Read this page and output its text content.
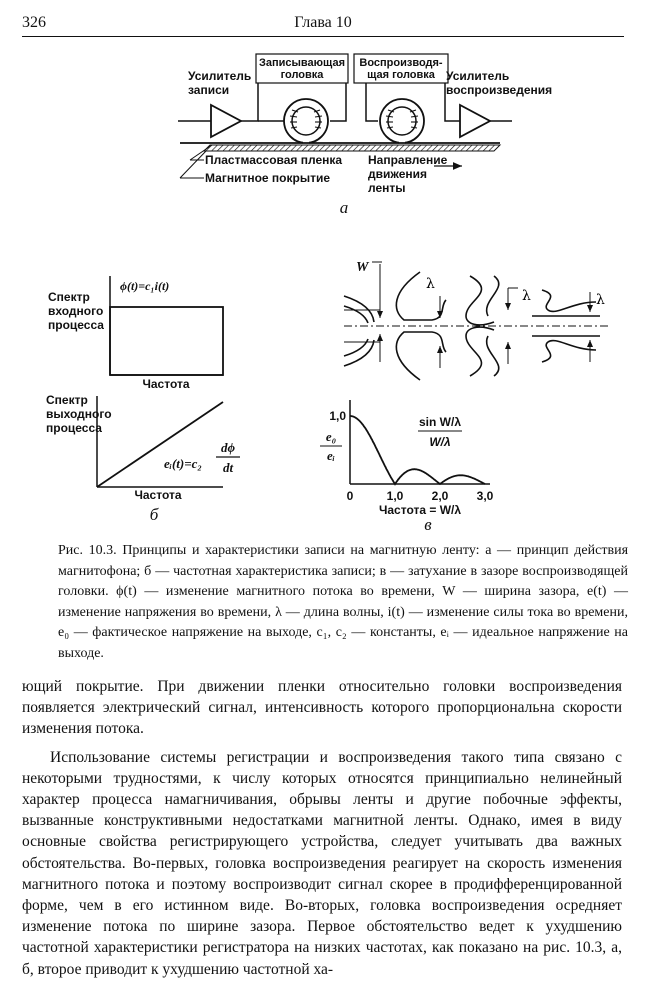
326	Глава 10
Усилитель
записи
Записывающая
головка
Воспроизводя-
щая головка Усилитель
воспроизведения
Пластмассовая пленка
Магнитное покрытие
Направление
движения
ленты
а
Спектр
входного
процесса
ϕ(t)=c₁i(t)
Частота
Спектр
выходного
процесса
eᵢ(t)=c₂
dϕ
dt
Частота
б
W
λ
λ	λ
1,0
e₀
eᵢ
sin W/λ
W/λ
0	1,0 2,0 3,0
Частота = W/λ
в

Рис. 10.3. Принципы и характеристики записи на магнитную ленту: а — принцип действия магнитофона; б — частотная характеристика записи; в — затухание в зазоре воспроизводящей головки. ϕ(t) — изменение магнитного потока во времени, W — ширина зазора, e(t) — изменение напряжения во времени, λ — длина волны, i(t) — изменение силы тока во времени, e₀ — фактическое напряжение на выходе, c₁, c₂ — константы, eᵢ — идеальное напряжение на выходе.

ющий покрытие. При движении пленки относительно головки воспроизведения появляется электрический сигнал, интенсивность которого пропорциональна скорости изменения потока.

Использование системы регистрации и воспроизведения такого типа связано с некоторыми трудностями, к числу которых относятся принципиально нелинейный характер процесса намагничивания, обрывы ленты и другие побочные эффекты, вызванные конструктивными недостатками магнитной ленты. Однако, имея в виду основные свойства регистрирующего устройства, следует учитывать два важных обстоятельства. Во-первых, головка воспроизведения реагирует на скорость изменения магнитного потока и поэтому воспроизводит сигнал скорее в продифференцированной форме, чем в его истинном виде. Во-вторых, головка воспроизведения осредняет изменение потока по ширине зазора. Первое обстоятельство ведет к ухудшению частотной характеристики регистратора на низких частотах, как показано на рис. 10.3, а, б, второе приводит к ухудшению частотной ха-
